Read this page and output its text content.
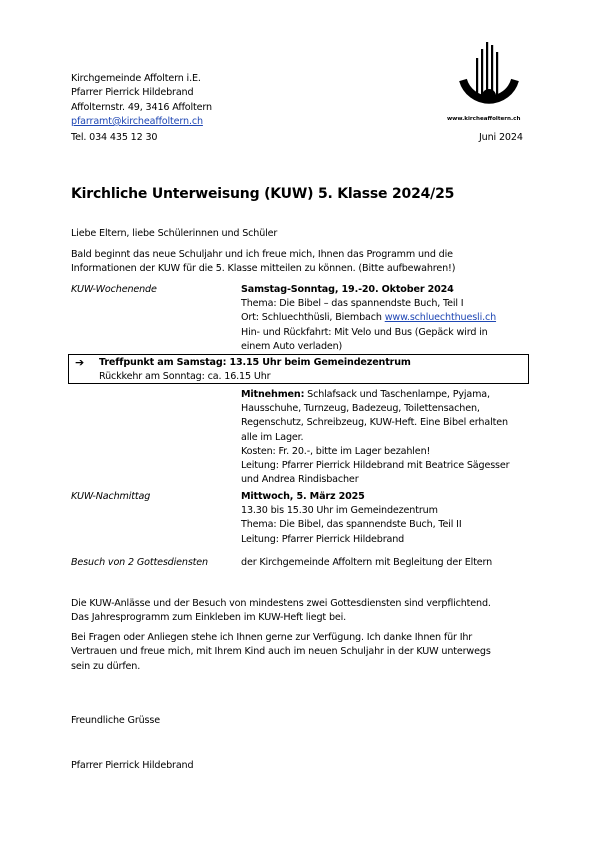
Kirchgemeinde Affoltern i.E.
Pfarrer Pierrick Hildebrand
Affolternstr. 49, 3416 Affoltern
pfarramt@kircheaffoltern.ch
Tel. 034 435 12 30	Juni 2024
www.kircheaffoltern.ch
Kirchliche Unterweisung (KUW) 5. Klasse 2024/25
Liebe Eltern, liebe Schülerinnen und Schüler
Bald beginnt das neue Schuljahr und ich freue mich, Ihnen das Programm und die
Informationen der KUW für die 5. Klasse mitteilen zu können. (Bitte aufbewahren!)
KUW-Wochenende	Samstag-Sonntag, 19.-20. Oktober 2024
Thema: Die Bibel – das spannendste Buch, Teil I
Ort: Schluechthüsli, Biembach www.schluechthuesli.ch
Hin- und Rückfahrt: Mit Velo und Bus (Gepäck wird in
einem Auto verladen)
➔ Treffpunkt am Samstag: 13.15 Uhr beim Gemeindezentrum
Rückkehr am Sonntag: ca. 16.15 Uhr
Mitnehmen: Schlafsack und Taschenlampe, Pyjama,
Hausschuhe, Turnzeug, Badezeug, Toilettensachen,
Regenschutz, Schreibzeug, KUW-Heft. Eine Bibel erhalten
alle im Lager.
Kosten: Fr. 20.-, bitte im Lager bezahlen!
Leitung: Pfarrer Pierrick Hildebrand mit Beatrice Sägesser
und Andrea Rindisbacher
KUW-Nachmittag	Mittwoch, 5. März 2025
13.30 bis 15.30 Uhr im Gemeindezentrum
Thema: Die Bibel, das spannendste Buch, Teil II
Leitung: Pfarrer Pierrick Hildebrand
Besuch von 2 Gottesdiensten	der Kirchgemeinde Affoltern mit Begleitung der Eltern
Die KUW-Anlässe und der Besuch von mindestens zwei Gottesdiensten sind verpflichtend.
Das Jahresprogramm zum Einkleben im KUW-Heft liegt bei.
Bei Fragen oder Anliegen stehe ich Ihnen gerne zur Verfügung. Ich danke Ihnen für Ihr
Vertrauen und freue mich, mit Ihrem Kind auch im neuen Schuljahr in der KUW unterwegs
sein zu dürfen.
Freundliche Grüsse
Pfarrer Pierrick Hildebrand
